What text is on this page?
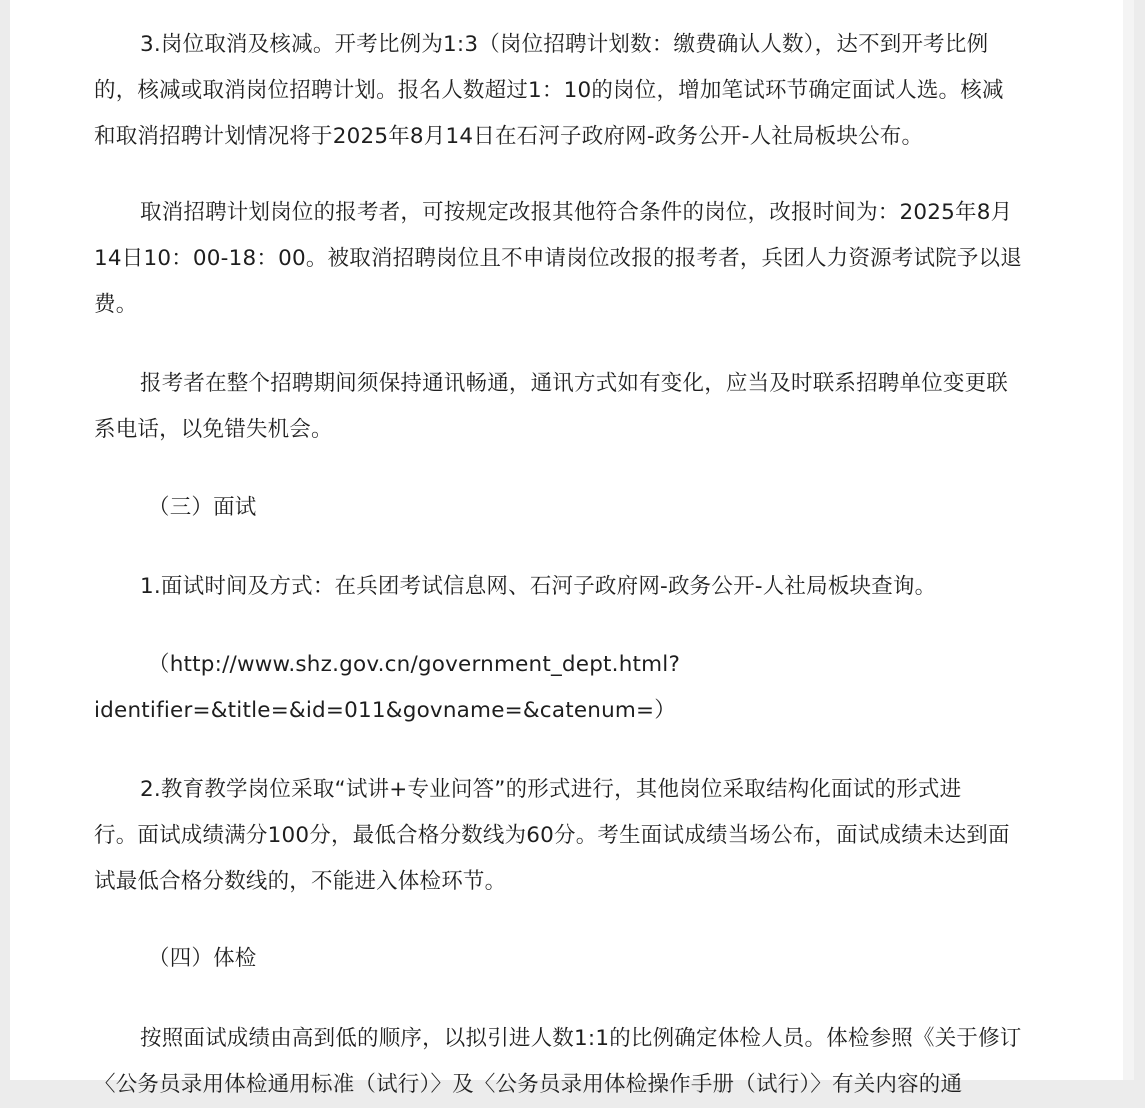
3.岗位取消及核减。开考比例为1:3（岗位招聘计划数：缴费确认人数），达不到开考比例
的，核减或取消岗位招聘计划。报名人数超过1：10的岗位，增加笔试环节确定面试人选。核减
和取消招聘计划情况将于2025年8月14日在石河子政府网-政务公开-人社局板块公布。

取消招聘计划岗位的报考者，可按规定改报其他符合条件的岗位，改报时间为：2025年8月
14日10：00-18：00。被取消招聘岗位且不申请岗位改报的报考者，兵团人力资源考试院予以退
费。

报考者在整个招聘期间须保持通讯畅通，通讯方式如有变化，应当及时联系招聘单位变更联
系电话，以免错失机会。

（三）面试

1.面试时间及方式：在兵团考试信息网、石河子政府网-政务公开-人社局板块查询。

（http://www.shz.gov.cn/government_dept.html?
identifier=&title=&id=011&govname=&catenum=）

2.教育教学岗位采取“试讲+专业问答”的形式进行，其他岗位采取结构化面试的形式进
行。面试成绩满分100分，最低合格分数线为60分。考生面试成绩当场公布，面试成绩未达到面
试最低合格分数线的，不能进入体检环节。

（四）体检

按照面试成绩由高到低的顺序，以拟引进人数1:1的比例确定体检人员。体检参照《关于修订
〈公务员录用体检通用标准（试行）〉及〈公务员录用体检操作手册（试行）〉有关内容的通
